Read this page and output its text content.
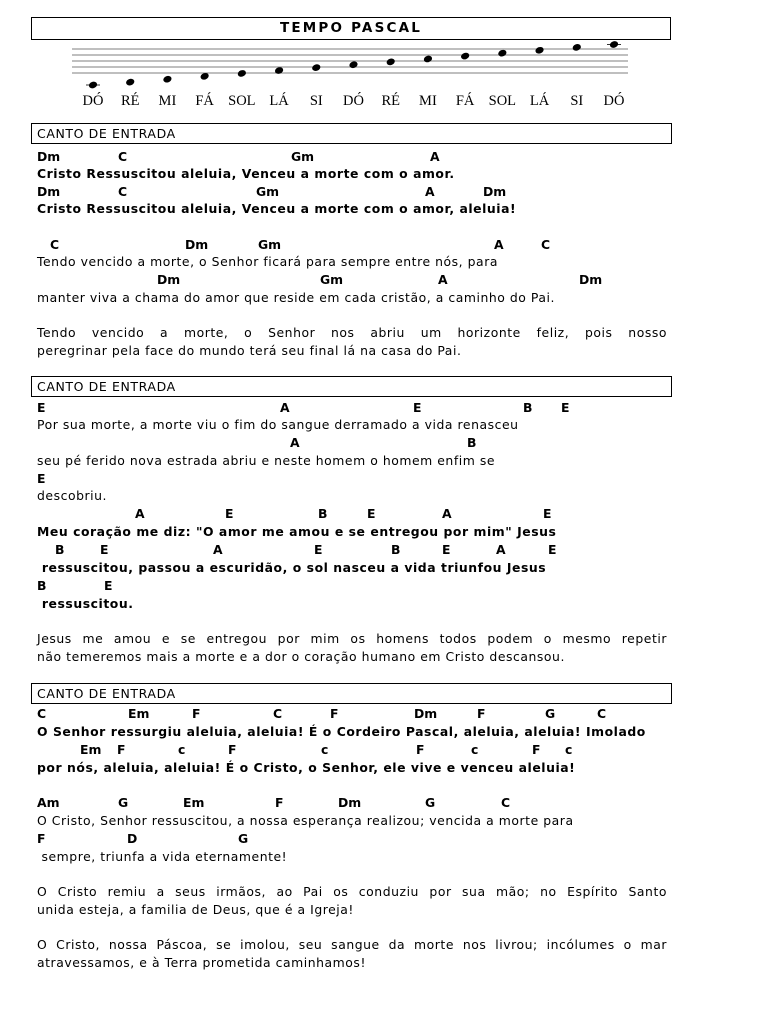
TEMPO PASCAL
DÓ RÉ MI FÁ SOL LÁ SI DÓ RÉ MI FÁ SOL LÁ SI DÓ
CANTO DE ENTRADA
CANTO DE ENTRADA
CANTO DE ENTRADA
Dm	C	Gm	A
Cristo Ressuscitou aleluia, Venceu a morte com o amor.
Dm	C	Gm	A	Dm
Cristo Ressuscitou aleluia, Venceu a morte com o amor, aleluia!
C	Dm	Gm	A	C
Tendo vencido a morte, o Senhor ficará para sempre entre nós, para
Dm	Gm	A	Dm
manter viva a chama do amor que reside em cada cristão, a caminho do Pai.
Tendo vencido a morte, o Senhor nos abriu um horizonte feliz, pois nosso
peregrinar pela face do mundo terá seu final lá na casa do Pai.
E	A	E	B E
Por sua morte, a morte viu o fim do sangue derramado a vida renasceu
A	B
seu pé ferido nova estrada abriu e neste homem o homem enfim se
E
descobriu.
A	E	B	E	A	E
Meu coração me diz: "O amor me amou e se entregou por mim" Jesus
B	E	A	E	B	E	A	E
ressuscitou, passou a escuridão, o sol nasceu a vida triunfou Jesus
B	E
ressuscitou.
Jesus me amou e se entregou por mim os homens todos podem o mesmo repetir
não temeremos mais a morte e a dor o coração humano em Cristo descansou.
C	Em	F	C	F	Dm	F	G	C
O Senhor ressurgiu aleluia, aleluia! É o Cordeiro Pascal, aleluia, aleluia! Imolado
Em F	c	F	c	F	c	F c
por nós, aleluia, aleluia! É o Cristo, o Senhor, ele vive e venceu aleluia!
Am	G	Em	F	Dm	G	C
O Cristo, Senhor ressuscitou, a nossa esperança realizou; vencida a morte para
F	D	G
sempre, triunfa a vida eternamente!
O Cristo remiu a seus irmãos, ao Pai os conduziu por sua mão; no Espírito Santo
unida esteja, a familia de Deus, que é a Igreja!
O Cristo, nossa Páscoa, se imolou, seu sangue da morte nos livrou; incólumes o mar
atravessamos, e à Terra prometida caminhamos!
